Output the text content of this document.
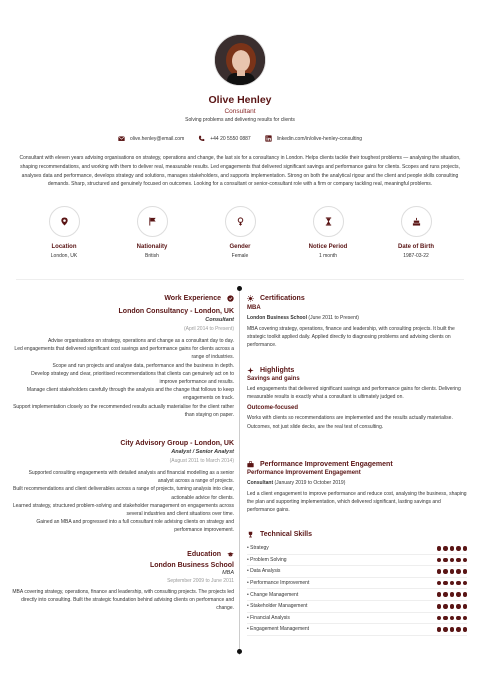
Olive Henley
Consultant
Solving problems and delivering results for clients
olive.henley@email.com	+44 20 5550 0887	linkedin.com/in/olive-henley-consulting
Consultant with eleven years advising organisations on strategy, operations and change, the last six for a consultancy in London. Helps clients tackle their toughest problems — analysing the situation, shaping recommendations, and working with them to deliver real, measurable results. Led engagements that delivered significant savings and performance gains for clients. Scopes and runs projects, analyses data and performance, develops strategy and solutions, manages stakeholders, and supports implementation. Strong on both the analytical rigour and the client and people skills consulting demands. Sharp, structured and genuinely focused on outcomes. Looking for a consultant or senior-consultant role with a firm or company tackling real, meaningful problems.
Location
London, UK
Nationality
British
Gender
Female
Notice Period
1 month
Date of Birth
1987-03-22
Work Experience
London Consultancy - London, UK
Consultant
(April 2014 to Present)
Advise organisations on strategy, operations and change as a consultant day to day.
Led engagements that delivered significant cost savings and performance gains for clients across a range of industries.
Scope and run projects and analyse data, performance and the business in depth.
Develop strategy and clear, prioritised recommendations that clients can genuinely act on to improve performance and results.
Manage client stakeholders carefully through the analysis and the change that follows to keep engagements on track.
Support implementation closely so the recommended results actually materialise for the client rather than staying on paper.
City Advisory Group - London, UK
Analyst / Senior Analyst
(August 2011 to March 2014)
Supported consulting engagements with detailed analysis and financial modelling as a senior analyst across a range of projects.
Built recommendations and client deliverables across a range of projects, turning analysis into clear, actionable advice for clients.
Learned strategy, structured problem-solving and stakeholder management on engagements across several industries and client situations over time.
Gained an MBA and progressed into a full consultant role advising clients on strategy and performance improvement.
Education
London Business School
MBA
September 2009 to June 2011
MBA covering strategy, operations, finance and leadership, with consulting projects. The projects led directly into consulting. Built the strategic foundation behind advising clients on performance and change.
Certifications
MBA
London Business School (June 2011 to Present)
MBA covering strategy, operations, finance and leadership, with consulting projects. It built the strategic toolkit applied daily. Applied directly to diagnosing problems and advising clients on performance.
Highlights
Savings and gains
Led engagements that delivered significant savings and performance gains for clients. Delivering measurable results is exactly what a consultant is ultimately judged on.
Outcome-focused
Works with clients so recommendations are implemented and the results actually materialise. Outcomes, not just slide decks, are the real test of consulting.
Performance Improvement Engagement
Performance Improvement Engagement
Consultant (January 2019 to October 2019)
Led a client engagement to improve performance and reduce cost, analysing the business, shaping the plan and supporting implementation, which delivered significant, lasting savings and performance gains.
Technical Skills
• Strategy
• Problem Solving
• Data Analysis
• Performance Improvement
• Change Management
• Stakeholder Management
• Financial Analysis
• Engagement Management
